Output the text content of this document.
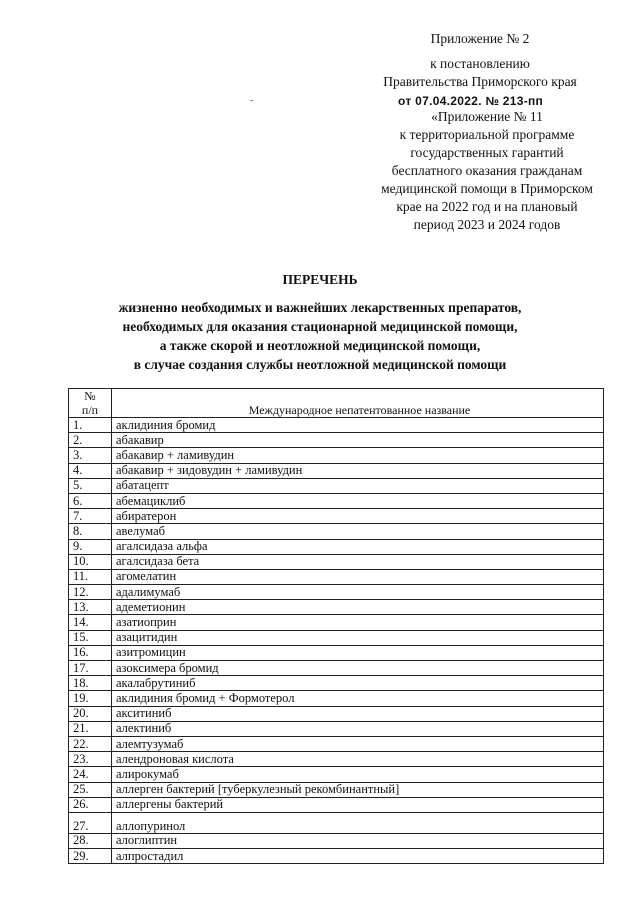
Приложение № 2
к постановлению
Правительства Приморского края
от 07.04.2022. № 213-пп
«Приложение № 11
к территориальной программе
государственных гарантий
бесплатного оказания гражданам
медицинской помощи в Приморском
крае на 2022 год и на плановый
период 2023 и 2024 годов
ПЕРЕЧЕНЬ
жизненно необходимых и важнейших лекарственных препаратов,
необходимых для оказания стационарной медицинской помощи,
а также скорой и неотложной медицинской помощи,
в случае создания службы неотложной медицинской помощи
№
п/п	Международное непатентованное название
1.	аклидиния бромид
2.	абакавир
3.	абакавир + ламивудин
4.	абакавир + зидовудин + ламивудин
5.	абатацепт
6.	абемациклиб
7.	абиратерон
8.	авелумаб
9.	агалсидаза альфа
10.	агалсидаза бета
11.	агомелатин
12.	адалимумаб
13.	адеметионин
14.	азатиоприн
15.	азацитидин
16.	азитромицин
17.	азоксимера бромид
18.	акалабрутиниб
19.	аклидиния бромид + Формотерол
20.	акситиниб
21.	алектиниб
22.	алемтузумаб
23.	алендроновая кислота
24.	алирокумаб
25.	аллерген бактерий [туберкулезный рекомбинантный]
26.	аллергены бактерий
27.	аллопуринол
28.	алоглиптин
29.	алпростадил
